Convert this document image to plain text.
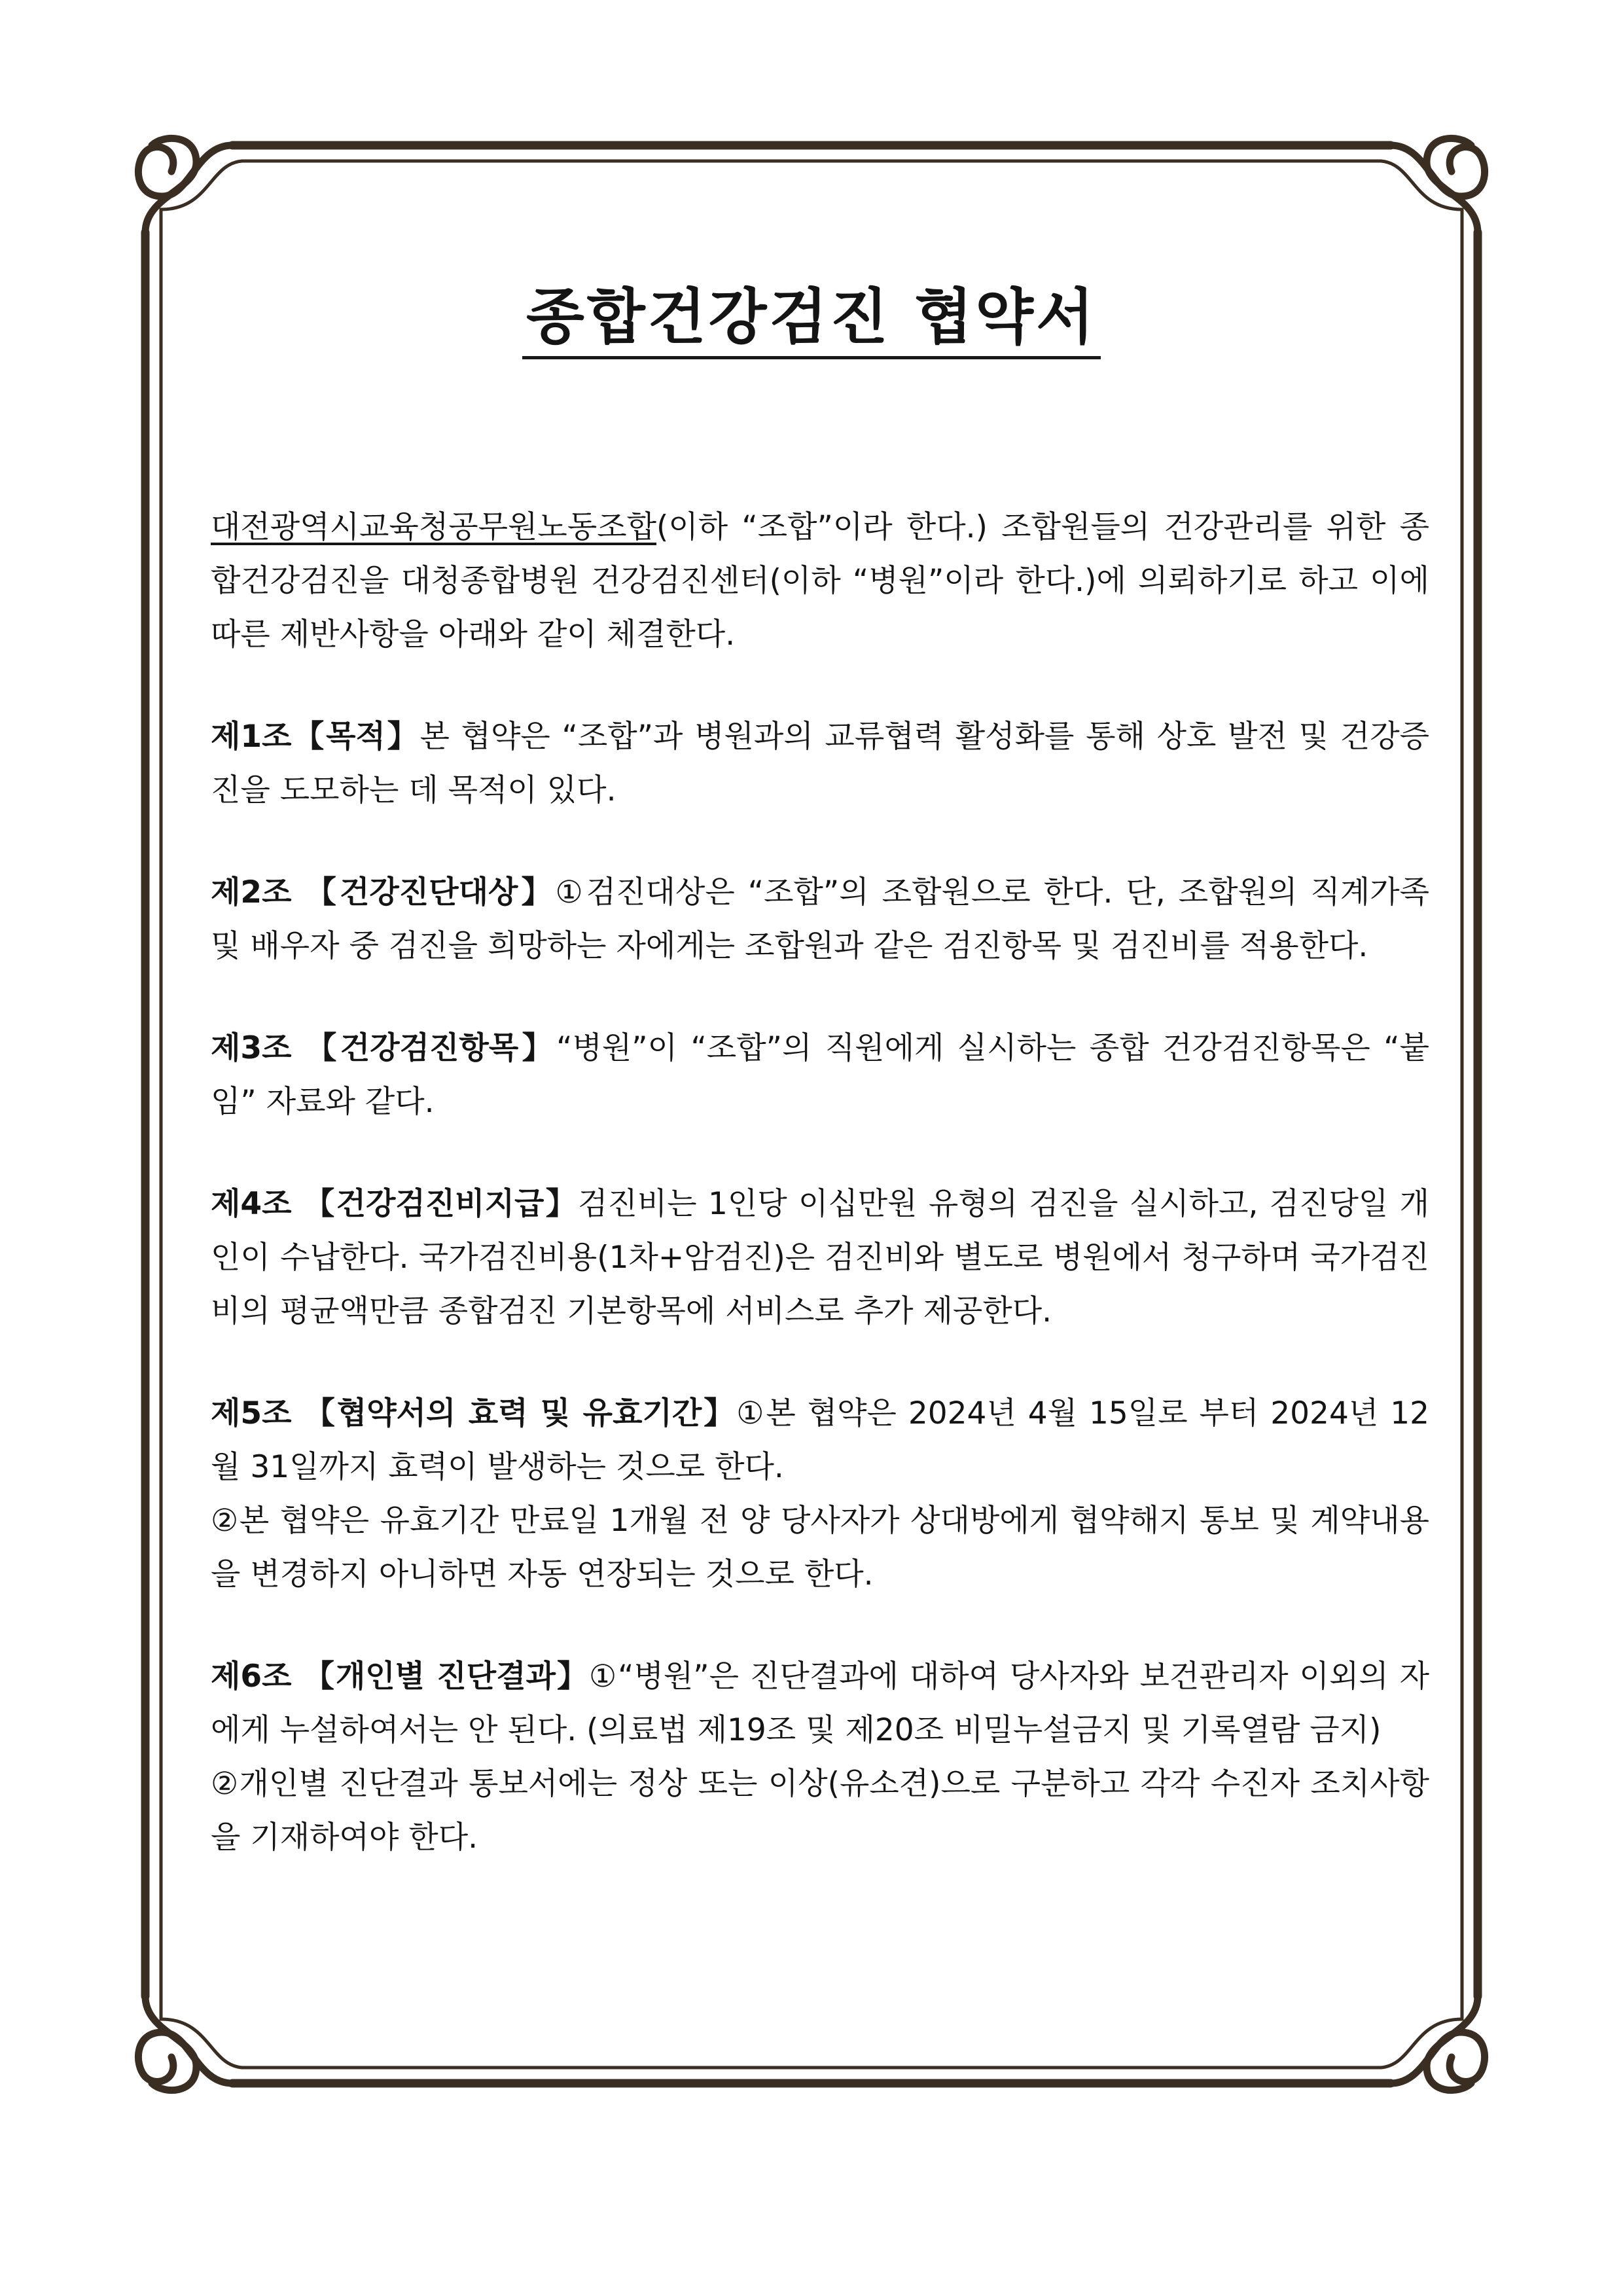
종합건강검진 협약서

대전광역시교육청공무원노동조합(이하 “조합”이라 한다.) 조합원들의 건강관리를 위한 종합건강검진을 대청종합병원 건강검진센터(이하 “병원”이라 한다.)에 의뢰하기로 하고 이에 따른 제반사항을 아래와 같이 체결한다.

제1조【목적】본 협약은 “조합”과 병원과의 교류협력 활성화를 통해 상호 발전 및 건강증진을 도모하는 데 목적이 있다.

제2조 【건강진단대상】①검진대상은 “조합”의 조합원으로 한다. 단, 조합원의 직계가족 및 배우자 중 검진을 희망하는 자에게는 조합원과 같은 검진항목 및 검진비를 적용한다.

제3조 【건강검진항목】“병원”이 “조합”의 직원에게 실시하는 종합 건강검진항목은 “붙임” 자료와 같다.

제4조 【건강검진비지급】검진비는 1인당 이십만원 유형의 검진을 실시하고, 검진당일 개인이 수납한다. 국가검진비용(1차+암검진)은 검진비와 별도로 병원에서 청구하며 국가검진비의 평균액만큼 종합검진 기본항목에 서비스로 추가 제공한다.

제5조 【협약서의 효력 및 유효기간】①본 협약은 2024년 4월 15일로 부터 2024년 12월 31일까지 효력이 발생하는 것으로 한다.

②본 협약은 유효기간 만료일 1개월 전 양 당사자가 상대방에게 협약해지 통보 및 계약내용을 변경하지 아니하면 자동 연장되는 것으로 한다.

제6조 【개인별 진단결과】①“병원”은 진단결과에 대하여 당사자와 보건관리자 이외의 자에게 누설하여서는 안 된다. (의료법 제19조 및 제20조 비밀누설금지 및 기록열람 금지)

②개인별 진단결과 통보서에는 정상 또는 이상(유소견)으로 구분하고 각각 수진자 조치사항을 기재하여야 한다.
